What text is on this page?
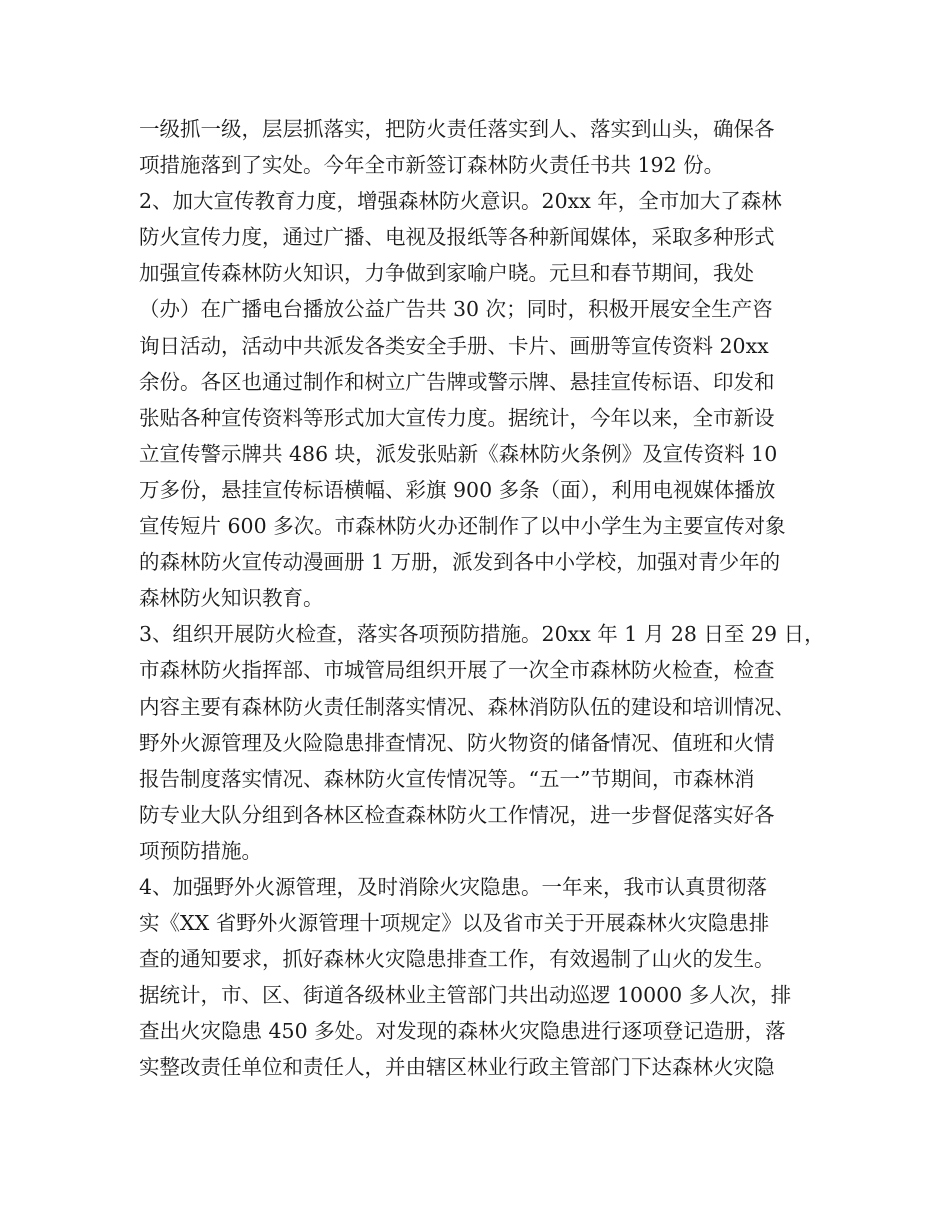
一级抓一级，层层抓落实，把防火责任落实到人、落实到山头，确保各
项措施落到了实处。今年全市新签订森林防火责任书共 192 份。
2、加大宣传教育力度，增强森林防火意识。20xx 年，全市加大了森林
防火宣传力度，通过广播、电视及报纸等各种新闻媒体，采取多种形式
加强宣传森林防火知识，力争做到家喻户晓。元旦和春节期间，我处
（办）在广播电台播放公益广告共 30 次；同时，积极开展安全生产咨
询日活动，活动中共派发各类安全手册、卡片、画册等宣传资料 20xx
余份。各区也通过制作和树立广告牌或警示牌、悬挂宣传标语、印发和
张贴各种宣传资料等形式加大宣传力度。据统计，今年以来，全市新设
立宣传警示牌共 486 块，派发张贴新《森林防火条例》及宣传资料 10
万多份，悬挂宣传标语横幅、彩旗 900 多条（面），利用电视媒体播放
宣传短片 600 多次。市森林防火办还制作了以中小学生为主要宣传对象
的森林防火宣传动漫画册 1 万册，派发到各中小学校，加强对青少年的
森林防火知识教育。
3、组织开展防火检查，落实各项预防措施。20xx 年 1 月 28 日至 29 日，
市森林防火指挥部、市城管局组织开展了一次全市森林防火检查，检查
内容主要有森林防火责任制落实情况、森林消防队伍的建设和培训情况、
野外火源管理及火险隐患排查情况、防火物资的储备情况、值班和火情
报告制度落实情况、森林防火宣传情况等。“五一”节期间，市森林消
防专业大队分组到各林区检查森林防火工作情况，进一步督促落实好各
项预防措施。
4、加强野外火源管理，及时消除火灾隐患。一年来，我市认真贯彻落
实《XX 省野外火源管理十项规定》以及省市关于开展森林火灾隐患排
查的通知要求，抓好森林火灾隐患排查工作，有效遏制了山火的发生。
据统计，市、区、街道各级林业主管部门共出动巡逻 10000 多人次，排
查出火灾隐患 450 多处。对发现的森林火灾隐患进行逐项登记造册，落
实整改责任单位和责任人，并由辖区林业行政主管部门下达森林火灾隐
